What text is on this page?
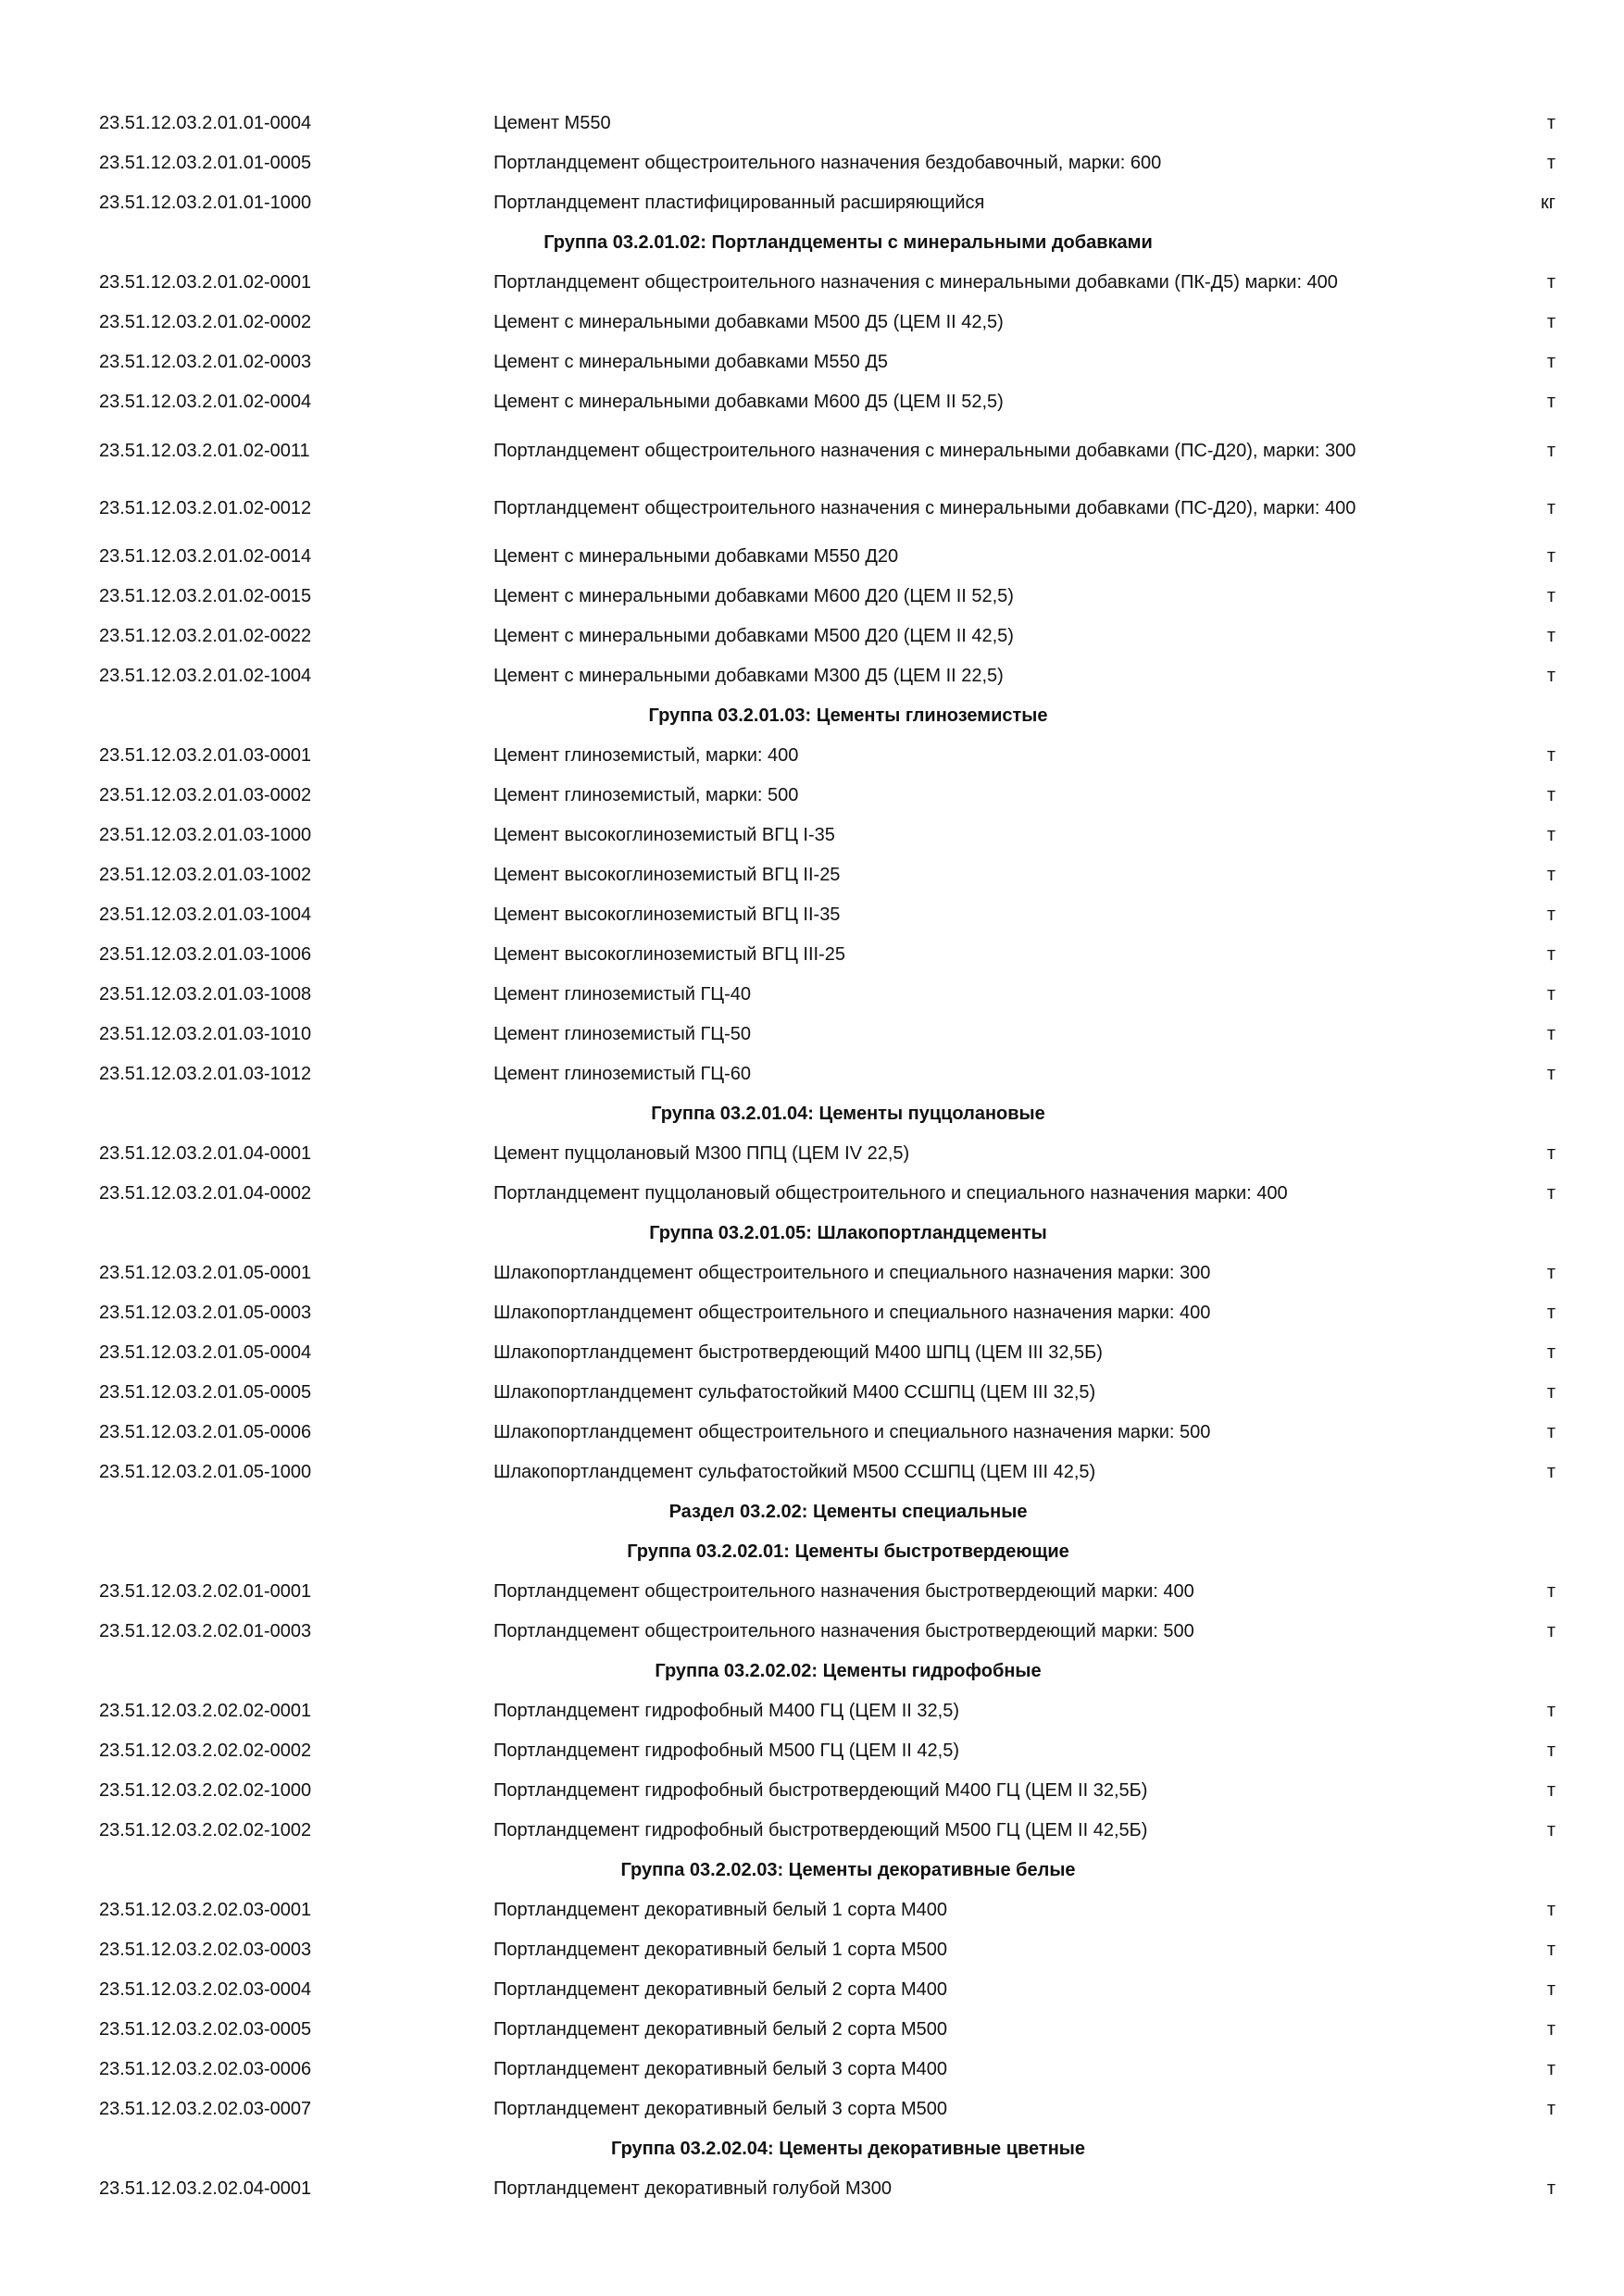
23.51.12.03.2.01.01-0004	Цемент М550	т
23.51.12.03.2.01.01-0005	Портландцемент общестроительного назначения бездобавочный, марки: 600	т
23.51.12.03.2.01.01-1000	Портландцемент пластифицированный расширяющийся	кг
Группа 03.2.01.02: Портландцементы с минеральными добавками
23.51.12.03.2.01.02-0001	Портландцемент общестроительного назначения с минеральными добавками (ПК-Д5) марки: 400	т
23.51.12.03.2.01.02-0002	Цемент с минеральными добавками М500 Д5 (ЦЕМ II 42,5)	т
23.51.12.03.2.01.02-0003	Цемент с минеральными добавками М550 Д5	т
23.51.12.03.2.01.02-0004	Цемент с минеральными добавками М600 Д5 (ЦЕМ II 52,5)	т
23.51.12.03.2.01.02-0011	Портландцемент общестроительного назначения с минеральными добавками (ПС-Д20), марки: 300	т
23.51.12.03.2.01.02-0012	Портландцемент общестроительного назначения с минеральными добавками (ПС-Д20), марки: 400	т
23.51.12.03.2.01.02-0014	Цемент с минеральными добавками М550 Д20	т
23.51.12.03.2.01.02-0015	Цемент с минеральными добавками М600 Д20 (ЦЕМ II 52,5)	т
23.51.12.03.2.01.02-0022	Цемент с минеральными добавками М500 Д20 (ЦЕМ II 42,5)	т
23.51.12.03.2.01.02-1004	Цемент с минеральными добавками М300 Д5 (ЦЕМ II 22,5)	т
Группа 03.2.01.03: Цементы глиноземистые
23.51.12.03.2.01.03-0001	Цемент глиноземистый, марки: 400	т
23.51.12.03.2.01.03-0002	Цемент глиноземистый, марки: 500	т
23.51.12.03.2.01.03-1000	Цемент высокоглиноземистый ВГЦ I-35	т
23.51.12.03.2.01.03-1002	Цемент высокоглиноземистый ВГЦ II-25	т
23.51.12.03.2.01.03-1004	Цемент высокоглиноземистый ВГЦ II-35	т
23.51.12.03.2.01.03-1006	Цемент высокоглиноземистый ВГЦ III-25	т
23.51.12.03.2.01.03-1008	Цемент глиноземистый ГЦ-40	т
23.51.12.03.2.01.03-1010	Цемент глиноземистый ГЦ-50	т
23.51.12.03.2.01.03-1012	Цемент глиноземистый ГЦ-60	т
Группа 03.2.01.04: Цементы пуццолановые
23.51.12.03.2.01.04-0001	Цемент пуццолановый М300 ППЦ (ЦЕМ IV 22,5)	т
23.51.12.03.2.01.04-0002	Портландцемент пуццолановый общестроительного и специального назначения марки: 400	т
Группа 03.2.01.05: Шлакопортландцементы
23.51.12.03.2.01.05-0001	Шлакопортландцемент общестроительного и специального назначения марки: 300	т
23.51.12.03.2.01.05-0003	Шлакопортландцемент общестроительного и специального назначения марки: 400	т
23.51.12.03.2.01.05-0004	Шлакопортландцемент быстротвердеющий М400 ШПЦ (ЦЕМ III 32,5Б)	т
23.51.12.03.2.01.05-0005	Шлакопортландцемент сульфатостойкий М400 ССШПЦ (ЦЕМ III 32,5)	т
23.51.12.03.2.01.05-0006	Шлакопортландцемент общестроительного и специального назначения марки: 500	т
23.51.12.03.2.01.05-1000	Шлакопортландцемент сульфатостойкий М500 ССШПЦ (ЦЕМ III 42,5)	т
Раздел 03.2.02: Цементы специальные
Группа 03.2.02.01: Цементы быстротвердеющие
23.51.12.03.2.02.01-0001	Портландцемент общестроительного назначения быстротвердеющий марки: 400	т
23.51.12.03.2.02.01-0003	Портландцемент общестроительного назначения быстротвердеющий марки: 500	т
Группа 03.2.02.02: Цементы гидрофобные
23.51.12.03.2.02.02-0001	Портландцемент гидрофобный М400 ГЦ (ЦЕМ II 32,5)	т
23.51.12.03.2.02.02-0002	Портландцемент гидрофобный М500 ГЦ (ЦЕМ II 42,5)	т
23.51.12.03.2.02.02-1000	Портландцемент гидрофобный быстротвердеющий М400 ГЦ (ЦЕМ II 32,5Б)	т
23.51.12.03.2.02.02-1002	Портландцемент гидрофобный быстротвердеющий М500 ГЦ (ЦЕМ II 42,5Б)	т
Группа 03.2.02.03: Цементы декоративные белые
23.51.12.03.2.02.03-0001	Портландцемент декоративный белый 1 сорта М400	т
23.51.12.03.2.02.03-0003	Портландцемент декоративный белый 1 сорта М500	т
23.51.12.03.2.02.03-0004	Портландцемент декоративный белый 2 сорта М400	т
23.51.12.03.2.02.03-0005	Портландцемент декоративный белый 2 сорта М500	т
23.51.12.03.2.02.03-0006	Портландцемент декоративный белый 3 сорта М400	т
23.51.12.03.2.02.03-0007	Портландцемент декоративный белый 3 сорта М500	т
Группа 03.2.02.04: Цементы декоративные цветные
23.51.12.03.2.02.04-0001	Портландцемент декоративный голубой М300	т
